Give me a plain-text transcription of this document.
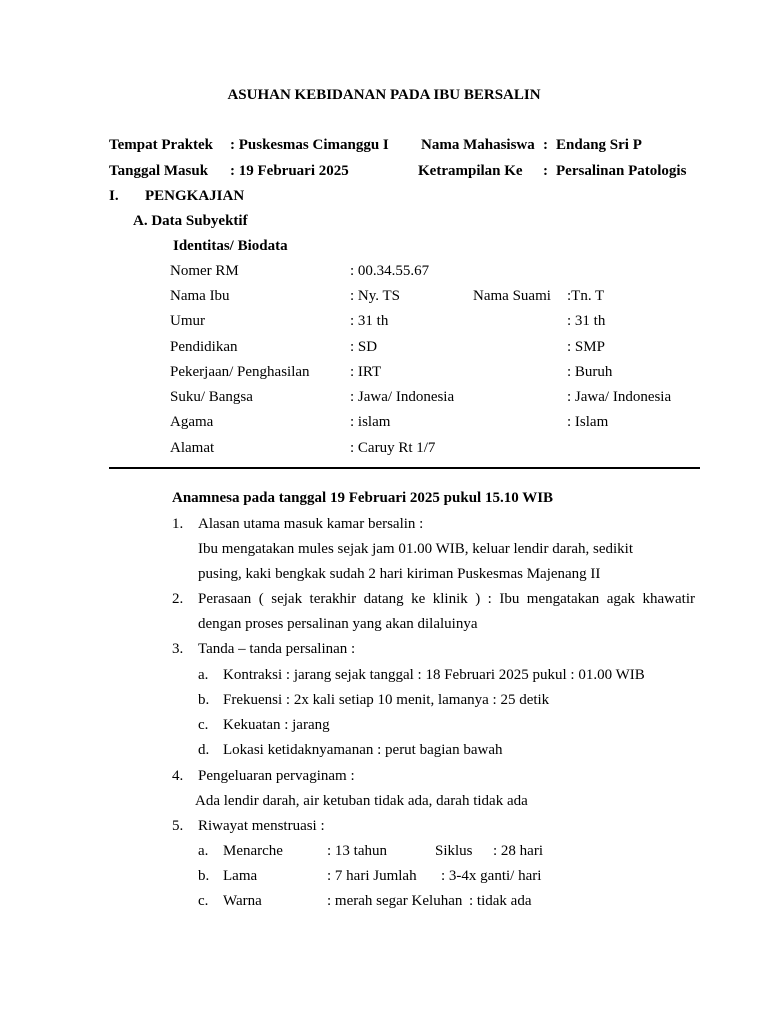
ASUHAN KEBIDANAN PADA IBU BERSALIN
Tempat Praktek : Puskesmas Cimanggu I Nama Mahasiswa : Endang Sri P
Tanggal Masuk : 19 Februari 2025	Ketrampilan Ke : Persalinan Patologis
I. PENGKAJIAN
A. Data Subyektif
Identitas/ Biodata
Nomer RM	: 00.34.55.67
Nama Ibu	: Ny. TS	Nama Suami :Tn. T
Umur	: 31 th	: 31 th
Pendidikan	: SD	: SMP
Pekerjaan/ Penghasilan	: IRT	: Buruh
Suku/ Bangsa	: Jawa/ Indonesia	: Jawa/ Indonesia
Agama	: islam	: Islam
Alamat	: Caruy Rt 1/7
Anamnesa pada tanggal 19 Februari 2025 pukul 15.10 WIB
1. Alasan utama masuk kamar bersalin :
Ibu mengatakan mules sejak jam 01.00 WIB, keluar lendir darah, sedikit
pusing, kaki bengkak sudah 2 hari kiriman Puskesmas Majenang II
2. Perasaan ( sejak terakhir datang ke klinik ) : Ibu mengatakan agak khawatir
dengan proses persalinan yang akan dilaluinya
3. Tanda – tanda persalinan :
a. Kontraksi : jarang sejak tanggal : 18 Februari 2025 pukul : 01.00 WIB
b. Frekuensi : 2x kali setiap 10 menit, lamanya : 25 detik
c. Kekuatan : jarang
d. Lokasi ketidaknyamanan : perut bagian bawah
4. Pengeluaran pervaginam :
Ada lendir darah, air ketuban tidak ada, darah tidak ada
5. Riwayat menstruasi :
a. Menarche	: 13 tahun	Siklus : 28 hari
b. Lama	: 7 hari Jumlah : 3-4x ganti/ hari
c. Warna	: merah segar Keluhan : tidak ada
